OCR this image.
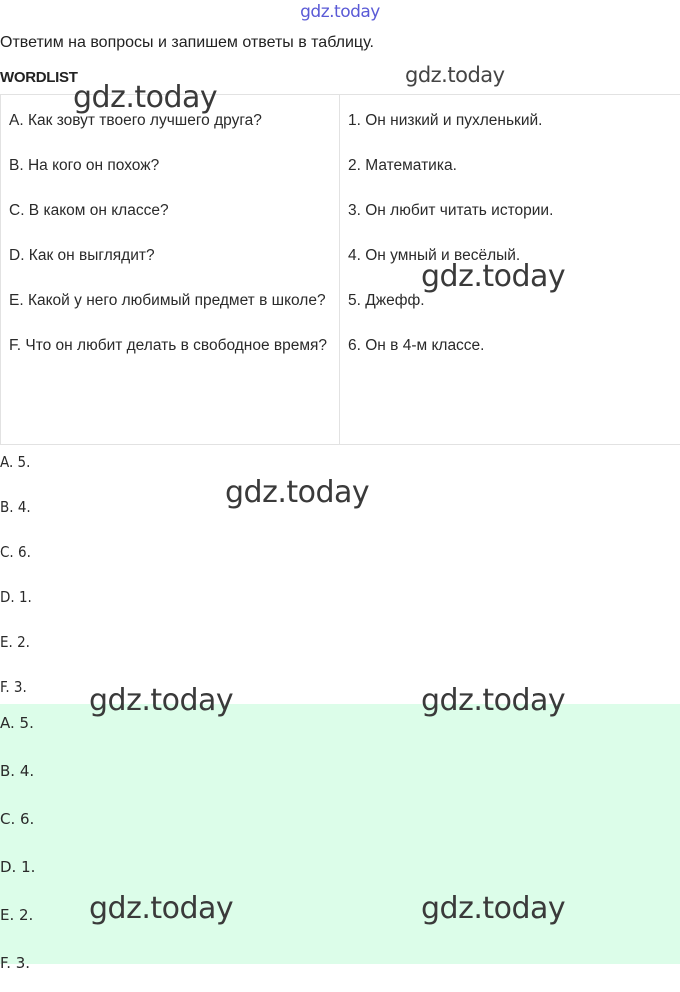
gdz.today
Ответим на вопросы и запишем ответы в таблицу.
WORDLIST
A. Как зовут твоего лучшего друга?
B. На кого он похож?
C. В каком он классе?
D. Как он выглядит?
E. Какой у него любимый предмет в школе?
F. Что он любит делать в свободное время?

1. Он низкий и пухленький.
2. Математика.
3. Он любит читать истории.
4. Он умный и весёлый.
5. Джефф.
6. Он в 4-м классе.
A. 5.
B. 4.
C. 6.
D. 1.
E. 2.
F. 3.
A. 5.
B. 4.
C. 6.
D. 1.
E. 2.
F. 3.
gdz.today
gdz.today
gdz.today
gdz.today
gdz.today	gdz.today
gdz.today	gdz.today
